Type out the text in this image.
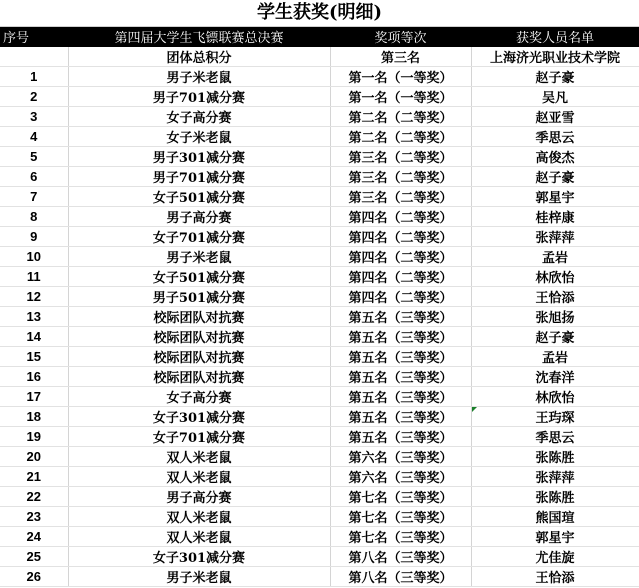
学生获奖(明细)
序号	第四届大学生飞镖联赛总决赛	奖项等次	获奖人员名单
	团体总积分	第三名	上海济光职业技术学院
1	男子米老鼠	第一名（一等奖）	赵子豪
2	男子701减分赛	第一名（一等奖）	吴凡
3	女子高分赛	第二名（二等奖）	赵亚雪
4	女子米老鼠	第二名（二等奖）	季思云
5	男子301减分赛	第三名（二等奖）	高俊杰
6	男子701减分赛	第三名（二等奖）	赵子豪
7	女子501减分赛	第三名（二等奖）	郭星宇
8	男子高分赛	第四名（二等奖）	桂梓康
9	女子701减分赛	第四名（二等奖）	张萍萍
10	男子米老鼠	第四名（二等奖）	孟岩
11	女子501减分赛	第四名（二等奖）	林欣怡
12	男子501减分赛	第四名（二等奖）	王恰添
13	校际团队对抗赛	第五名（三等奖）	张旭扬
14	校际团队对抗赛	第五名（三等奖）	赵子豪
15	校际团队对抗赛	第五名（三等奖）	孟岩
16	校际团队对抗赛	第五名（三等奖）	沈春洋
17	女子高分赛	第五名（三等奖）	林欣怡
18	女子301减分赛	第五名（三等奖）	王玙琛
19	女子701减分赛	第五名（三等奖）	季思云
20	双人米老鼠	第六名（三等奖）	张陈胜
21	双人米老鼠	第六名（三等奖）	张萍萍
22	男子高分赛	第七名（三等奖）	张陈胜
23	双人米老鼠	第七名（三等奖）	熊国瑄
24	双人米老鼠	第七名（三等奖）	郭星宇
25	女子301减分赛	第八名（三等奖）	尤佳旋
26	男子米老鼠	第八名（三等奖）	王恰添
